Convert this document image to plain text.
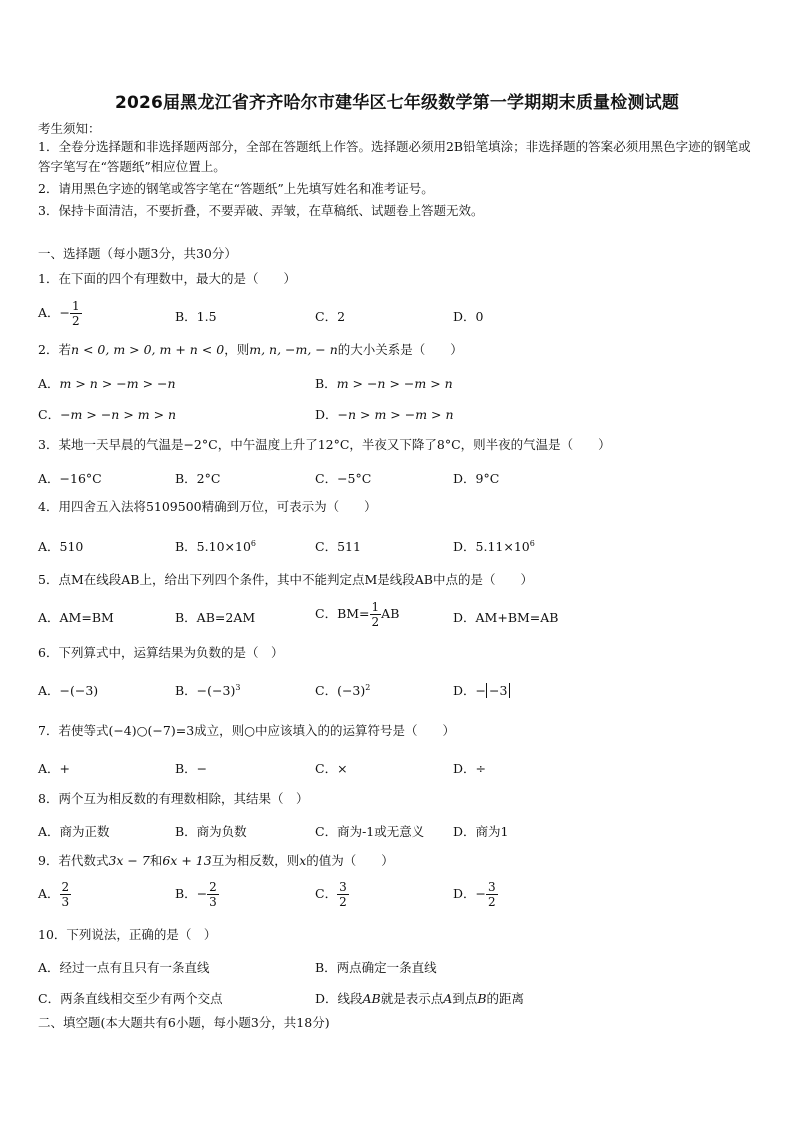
2026届黑龙江省齐齐哈尔市建华区七年级数学第一学期期末质量检测试题
考生须知：
1．全卷分选择题和非选择题两部分，全部在答题纸上作答。选择题必须用2B铅笔填涂；非选择题的答案必须用黑色字迹的钢笔或答字笔写在“答题纸”相应位置上。
2．请用黑色字迹的钢笔或答字笔在“答题纸”上先填写姓名和准考证号。
3．保持卡面清洁，不要折叠，不要弄破、弄皱，在草稿纸、试题卷上答题无效。
一、选择题（每小题3分，共30分）
1．在下面的四个有理数中，最大的是（　　）
A．− $\frac{1}{2}$	B．1.5	C．2	D．0
2．若n < 0, m > 0, m + n < 0，则m, n, −m, − n的大小关系是（　　）
A．m > n > −m > −n	B．m > −n > −m > n
C．−m > −n > m > n	D．−n > m > −m > n
3．某地一天早晨的气温是−2°C，中午温度上升了12°C，半夜又下降了8°C，则半夜的气温是（　　）
A．−16°C	B．2°C	C．−5°C	D．9°C
4．用四舍五入法将5109500精确到万位，可表示为（　　）
A．510	B．$5.10\times 10^6$	C．511	D．$5.11\times 10^6$
5．点M在线段AB上，给出下列四个条件，其中不能判定点M是线段AB中点的是（　　）
A．AM=BM	B．AB=2AM	C．$BM= \frac{1}{2}$ AB	D．AM+BM=AB
6．下列算式中，运算结果为负数的是（　）
A．−(−3)	B．$-(-3)^3$	C．$(-3)^2$	D．− −3
7．若使等式(−4)○(−7)=3成立，则○中应该填入的的运算符号是（　　）
A．+	B．−	C．×	D．÷
8．两个互为相反数的有理数相除，其结果（　）
A．商为正数	B．商为负数	C．商为-1或无意义 D．商为1
9．若代数式3x − 7和6x + 13互为相反数，则x的值为（　　）
A． $\frac{2}{3}$	B．− $\frac{2}{3}$	C． $\frac{3}{2}$	D．− $\frac{3}{2}$
10．下列说法，正确的是（　）
A．经过一点有且只有一条直线	B．两点确定一条直线
C．两条直线相交至少有两个交点	D．线段AB就是表示点A到点B的距离
二、填空题(本大题共有6小题，每小题3分，共18分)
